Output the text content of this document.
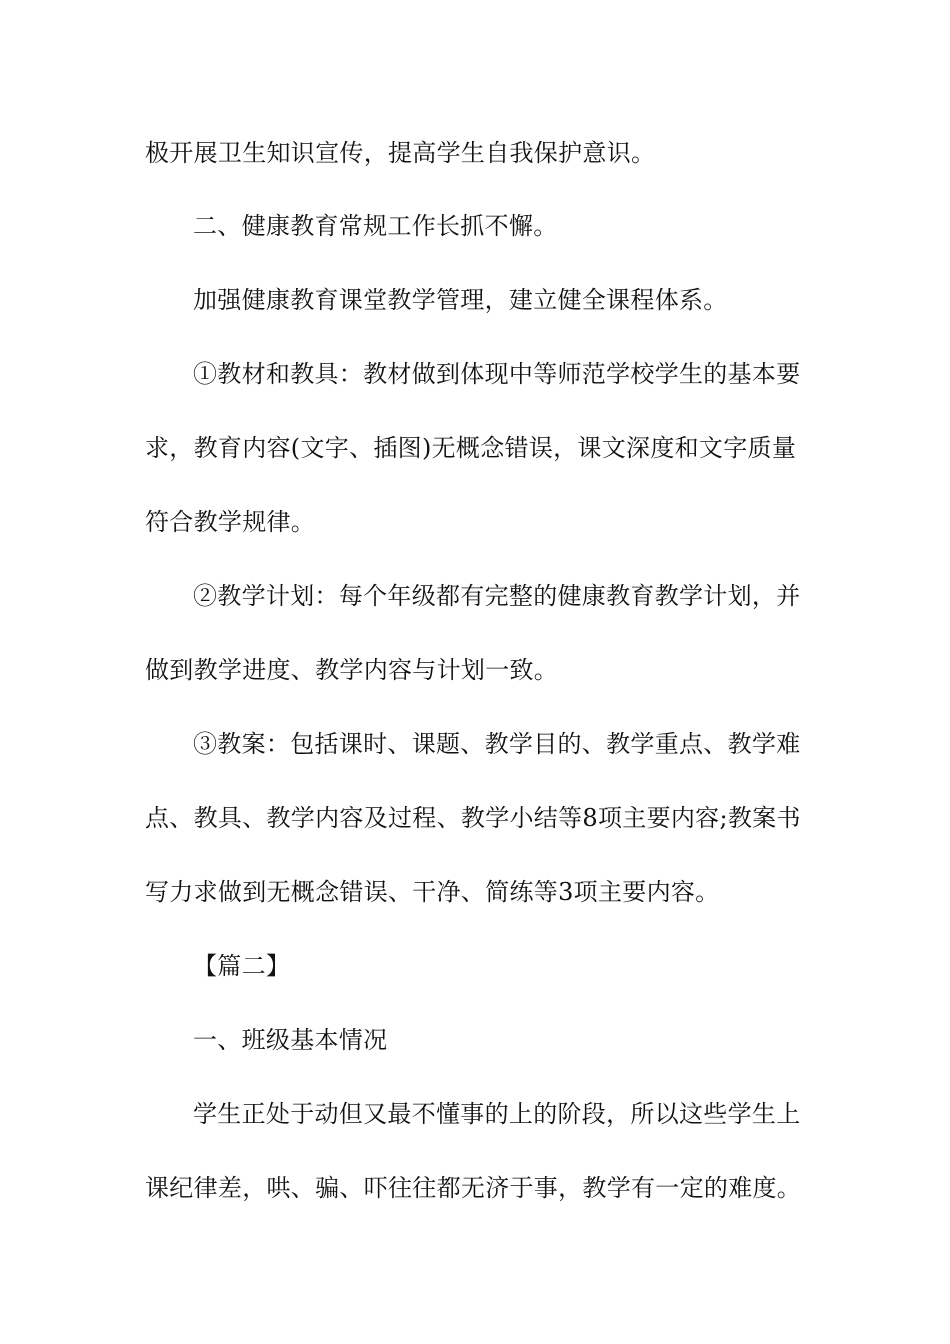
极开展卫生知识宣传，提高学生自我保护意识。
二、健康教育常规工作长抓不懈。
加强健康教育课堂教学管理，建立健全课程体系。
①教材和教具：教材做到体现中等师范学校学生的基本要
求，教育内容(文字、插图)无概念错误，课文深度和文字质量
符合教学规律。
②教学计划：每个年级都有完整的健康教育教学计划，并
做到教学进度、教学内容与计划一致。
③教案：包括课时、课题、教学目的、教学重点、教学难
点、教具、教学内容及过程、教学小结等8项主要内容;教案书
写力求做到无概念错误、干净、简练等3项主要内容。
【篇二】
一、班级基本情况
学生正处于动但又最不懂事的上的阶段，所以这些学生上
课纪律差，哄、骗、吓往往都无济于事，教学有一定的难度。
